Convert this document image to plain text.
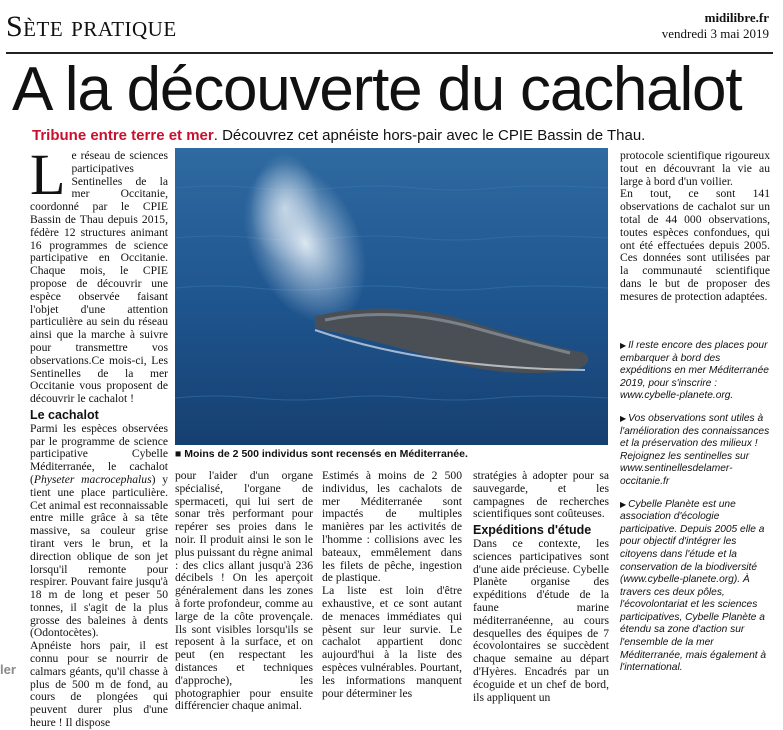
Sète pratique	midilibre.fr
vendredi 3 mai 2019
A la découverte du cachalot
Tribune entre terre et mer. Découvrez cet apnéiste hors-pair avec le CPIE Bassin de Thau.
L e réseau de sciences participatives Sentinelles de la mer Occitanie, coordonné par le CPIE Bassin de Thau depuis 2015, fédère 12 structures animant 16 programmes de science participative en Occitanie. Chaque mois, le CPIE propose de découvrir une espèce observée faisant l'objet d'une attention particulière au sein du réseau ainsi que la marche à suivre pour transmettre vos observations.Ce mois-ci, Les Sentinelles de la mer Occitanie vous proposent de découvrir le cachalot !

Le cachalot

Parmi les espèces observées par le programme de science participative Cybelle Méditerranée, le cachalot (Physeter macrocephalus) y tient une place particulière. Cet animal est reconnaissable entre mille grâce à sa tête massive, sa couleur grise tirant vers le brun, et la direction oblique de son jet lorsqu'il remonte pour respirer. Pouvant faire jusqu'à 18 m de long et peser 50 tonnes, il s'agit de la plus grosse des baleines à dents (Odontocètes).

Apnéiste hors pair, il est connu pour se nourrir de calmars géants, qu'il chasse à plus de 500 m de fond, au cours de plongées qui peuvent durer plus d'une heure ! Il dispose

■ Moins de 2 500 individus sont recensés en Méditerranée.

pour l'aider d'un organe spécialisé, l'organe de spermaceti, qui lui sert de sonar très performant pour repérer ses proies dans le noir. Il produit ainsi le son le plus puissant du règne animal : des clics allant jusqu'à 236 décibels ! On les aperçoit généralement dans les zones à forte profondeur, comme au large de la côte provençale. Ils sont visibles lorsqu'ils se reposent à la surface, et on peut (en respectant les distances et techniques d'approche), les photographier pour ensuite différencier chaque animal.

Estimés à moins de 2 500 individus, les cachalots de mer Méditerranée sont impactés de multiples manières par les activités de l'homme : collisions avec les bateaux, emmêlement dans les filets de pêche, ingestion de plastique.

La liste est loin d'être exhaustive, et ce sont autant de menaces immédiates qui pèsent sur leur survie. Le cachalot appartient donc aujourd'hui à la liste des espèces vulnérables. Pourtant, les informations manquent pour déterminer les

stratégies à adopter pour sa sauvegarde, et les campagnes de recherches scientifiques sont coûteuses.

Expéditions d'étude

Dans ce contexte, les sciences participatives sont d'une aide précieuse. Cybelle Planète organise des expéditions d'étude de la faune marine méditerranéenne, au cours desquelles des équipes de 7 écovolontaires se succèdent chaque semaine au départ d'Hyères. Encadrés par un écoguide et un chef de bord, ils appliquent un

protocole scientifique rigoureux tout en découvrant la vie au large à bord d'un voilier.

En tout, ce sont 141 observations de cachalot sur un total de 44 000 observations, toutes espèces confondues, qui ont été effectuées depuis 2005. Ces données sont utilisées par la communauté scientifique dans le but de proposer des mesures de protection adaptées.

▶ Il reste encore des places pour embarquer à bord des expéditions en mer Méditerranée 2019, pour s'inscrire : www.cybelle-planete.org.

▶ Vos observations sont utiles à l'amélioration des connaissances et la préservation des milieux ! Rejoignez les sentinelles sur www.sentinellesdelamer-occitanie.fr

▶ Cybelle Planète est une association d'écologie participative. Depuis 2005 elle a pour objectif d'intégrer les citoyens dans l'étude et la conservation de la biodiversité (www.cybelle-planete.org). À travers ces deux pôles, l'écovolontariat et les sciences participatives, Cybelle Planète a étendu sa zone d'action sur l'ensemble de la mer Méditerranée, mais également à l'international.

ler
